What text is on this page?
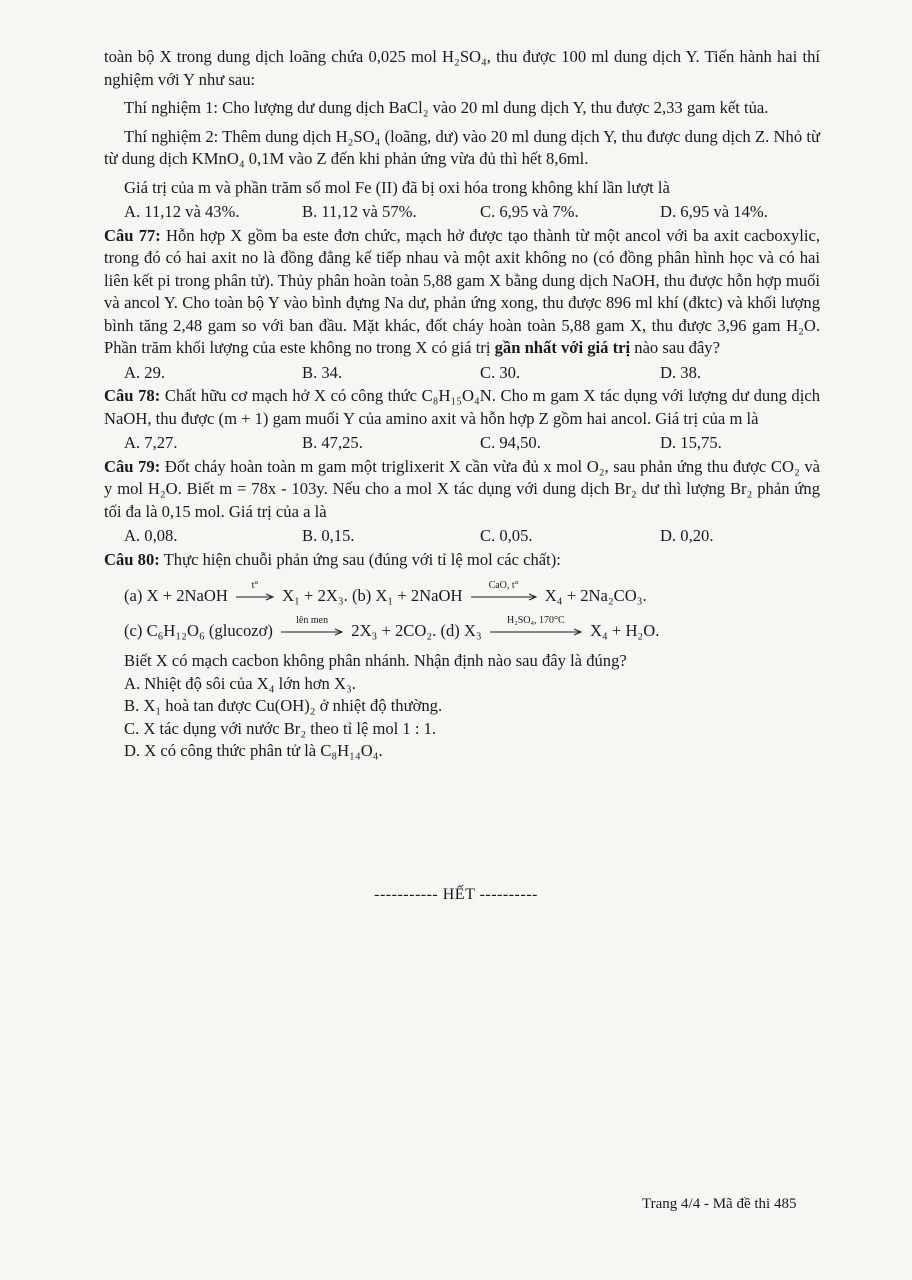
toàn bộ X trong dung dịch loãng chứa 0,025 mol H₂SO₄, thu được 100 ml dung dịch Y. Tiến hành hai thí nghiệm với Y như sau:

Thí nghiệm 1: Cho lượng dư dung dịch BaCl₂ vào 20 ml dung dịch Y, thu được 2,33 gam kết tủa.

Thí nghiệm 2: Thêm dung dịch H₂SO₄ (loãng, dư) vào 20 ml dung dịch Y, thu được dung dịch Z. Nhỏ từ từ dung dịch KMnO₄ 0,1M vào Z đến khi phản ứng vừa đủ thì hết 8,6ml.

Giá trị của m và phần trăm số mol Fe (II) đã bị oxi hóa trong không khí lần lượt là

A. 11,12 và 43%.	B. 11,12 và 57%.	C. 6,95 và 7%.	D. 6,95 và 14%.

Câu 77: Hỗn hợp X gồm ba este đơn chức, mạch hở được tạo thành từ một ancol với ba axit cacboxylic, trong đó có hai axit no là đồng đẳng kế tiếp nhau và một axit không no (có đồng phân hình học và có hai liên kết pi trong phân tử). Thủy phân hoàn toàn 5,88 gam X bằng dung dịch NaOH, thu được hỗn hợp muối và ancol Y. Cho toàn bộ Y vào bình đựng Na dư, phản ứng xong, thu được 896 ml khí (đktc) và khối lượng bình tăng 2,48 gam so với ban đầu. Mặt khác, đốt cháy hoàn toàn 5,88 gam X, thu được 3,96 gam H₂O. Phần trăm khối lượng của este không no trong X có giá trị gần nhất với giá trị nào sau đây?

A. 29.	B. 34.	C. 30.	D. 38.

Câu 78: Chất hữu cơ mạch hở X có công thức C₈H₁₅O₄N. Cho m gam X tác dụng với lượng dư dung dịch NaOH, thu được (m + 1) gam muối Y của amino axit và hỗn hợp Z gồm hai ancol. Giá trị của m là

A. 7,27.	B. 47,25.	C. 94,50.	D. 15,75.

Câu 79: Đốt cháy hoàn toàn m gam một triglixerit X cần vừa đủ x mol O₂, sau phản ứng thu được CO₂ và y mol H₂O. Biết m = 78x - 103y. Nếu cho a mol X tác dụng với dung dịch Br₂ dư thì lượng Br₂ phản ứng tối đa là 0,15 mol. Giá trị của a là

A. 0,08.	B. 0,15.	C. 0,05.	D. 0,20.

Câu 80: Thực hiện chuỗi phản ứng sau (đúng với tỉ lệ mol các chất):

(a) X + 2NaOH
t°
X₁ + 2X₃. (b) X₁ + 2NaOH
CaO, t°
X₄ + 2Na₂CO₃.
(c) C₆H₁₂O₆ (glucozơ)
lên men
2X₃ + 2CO₂. (d) X₃
H₂SO₄, 170°C
X₄ + H₂O.

Biết X có mạch cacbon không phân nhánh. Nhận định nào sau đây là đúng?

A. Nhiệt độ sôi của X₄ lớn hơn X₃.

B. X₁ hoà tan được Cu(OH)₂ ở nhiệt độ thường.

C. X tác dụng với nước Br₂ theo tỉ lệ mol 1 : 1.

D. X có công thức phân tử là C₈H₁₄O₄.

----------- HẾT ----------
Trang 4/4 - Mã đề thi 485
